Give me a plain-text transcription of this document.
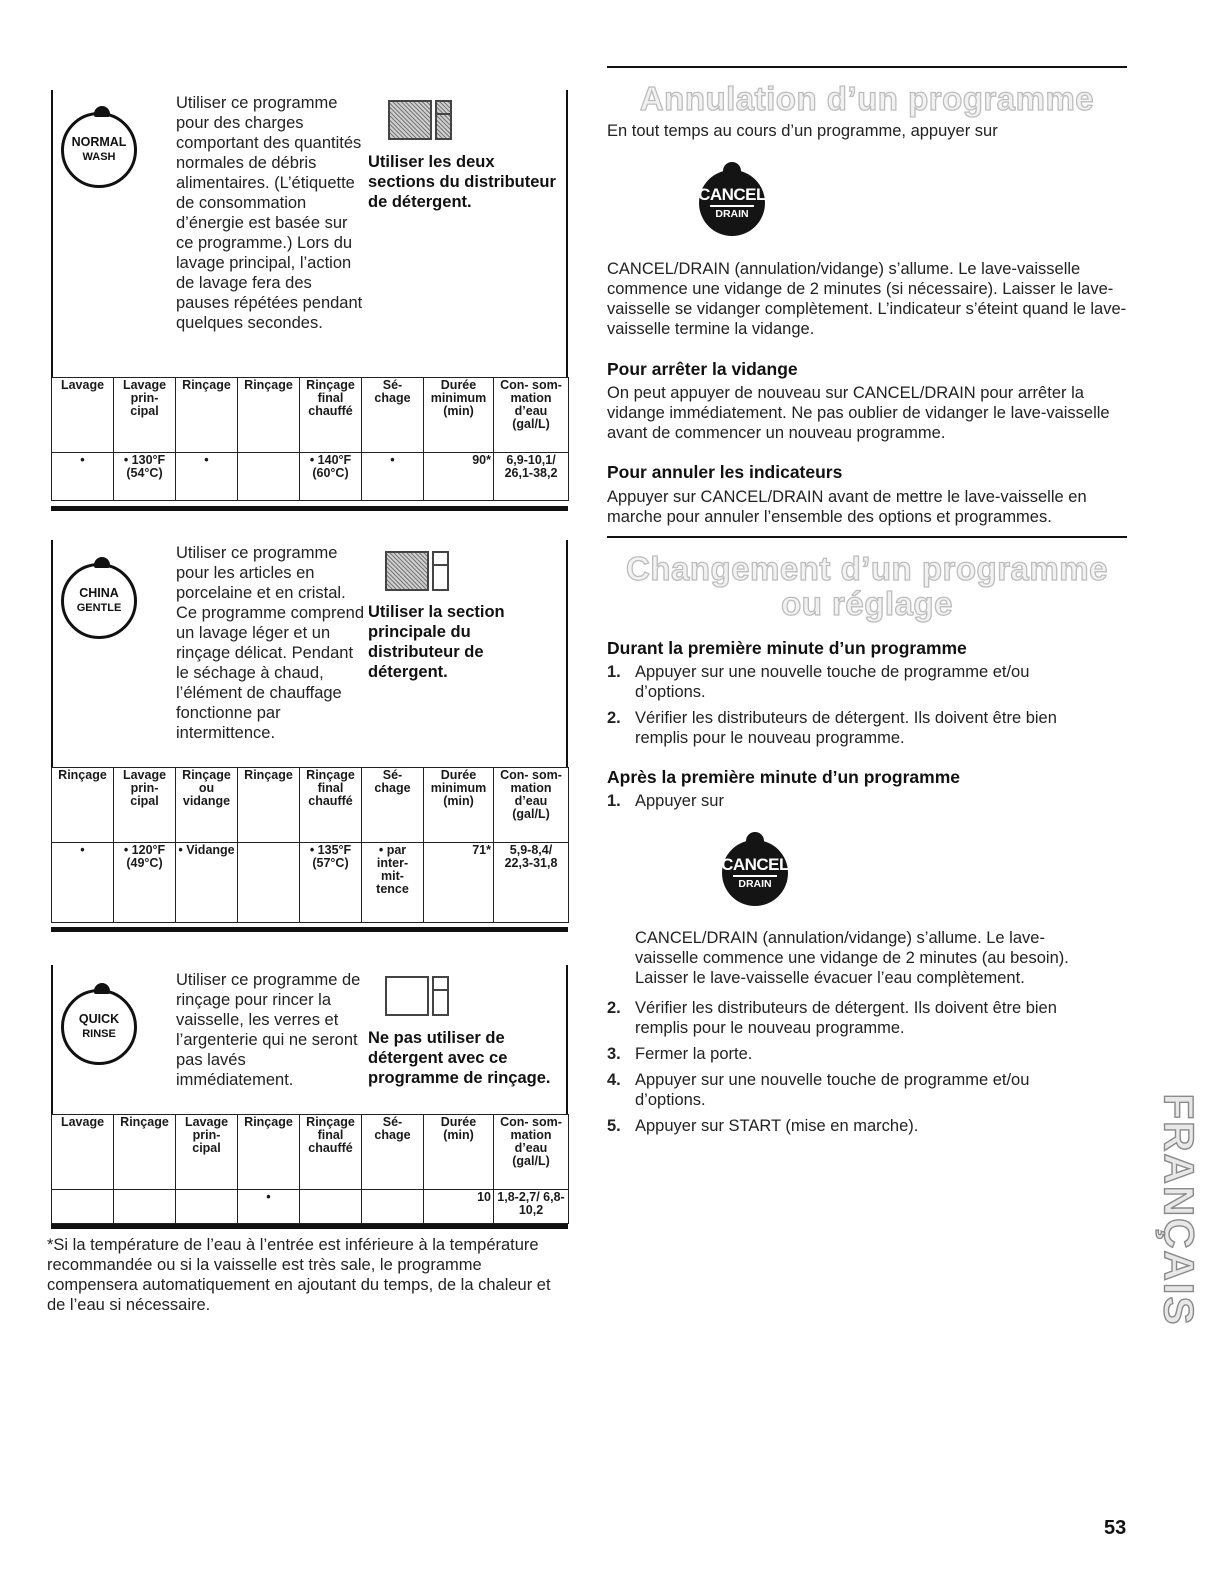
NORMAL
WASH
Utiliser ce programme pour des charges comportant des quantités normales de débris alimentaires. (L’étiquette de consommation d’énergie est basée sur ce programme.) Lors du lavage principal, l’action de lavage fera des pauses répétées pendant quelques secondes.
Utiliser les deux sections du distributeur de détergent.
Lavage	Lavage prin- cipal	Rinçage	Rinçage	Rinçage final chauffé	Sé- chage	Durée minimum (min)	Con- som- mation d’eau (gal/L)
•	• 130°F (54°C)	•		• 140°F (60°C)	•	90*	6,9-10,1/ 26,1-38,2
CHINA
GENTLE
Utiliser ce programme pour les articles en porcelaine et en cristal. Ce programme comprend un lavage léger et un rinçage délicat. Pendant le séchage à chaud, l’élément de chauffage fonctionne par intermittence.
Utiliser la section principale du distributeur de détergent.
Rinçage	Lavage prin- cipal	Rinçage ou vidange	Rinçage	Rinçage final chauffé	Sé- chage	Durée minimum (min)	Con- som- mation d’eau (gal/L)
•	• 120°F (49°C)	• Vidange		• 135°F (57°C)	• par inter- mit- tence	71*	5,9-8,4/ 22,3-31,8
QUICK
RINSE
Utiliser ce programme de rinçage pour rincer la vaisselle, les verres et l’argenterie qui ne seront pas lavés immédiatement.
Ne pas utiliser de détergent avec ce programme de rinçage.
Lavage	Rinçage	Lavage prin- cipal	Rinçage	Rinçage final chauffé	Sé- chage	Durée (min)	Con- som- mation d’eau (gal/L)
			•			10	1,8-2,7/ 6,8-10,2
*Si la température de l’eau à l’entrée est inférieure à la température recommandée ou si la vaisselle est très sale, le programme compensera automatiquement en ajoutant du temps, de la chaleur et de l’eau si nécessaire.
Annulation d’un programme
En tout temps au cours d’un programme, appuyer sur
CANCEL
DRAIN
CANCEL/DRAIN (annulation/vidange) s’allume. Le lave-vaisselle commence une vidange de 2 minutes (si nécessaire). Laisser le lave-vaisselle se vidanger complètement. L’indicateur s’éteint quand le lave-vaisselle termine la vidange.
Pour arrêter la vidange
On peut appuyer de nouveau sur CANCEL/DRAIN pour arrêter la vidange immédiatement. Ne pas oublier de vidanger le lave-vaisselle avant de commencer un nouveau programme.
Pour annuler les indicateurs
Appuyer sur CANCEL/DRAIN avant de mettre le lave-vaisselle en marche pour annuler l’ensemble des options et programmes.
Changement d’un programme
ou réglage
Durant la première minute d’un programme
1. Appuyer sur une nouvelle touche de programme et/ou d’options.
2. Vérifier les distributeurs de détergent. Ils doivent être bien remplis pour le nouveau programme.
Après la première minute d’un programme
1. Appuyer sur
CANCEL
DRAIN
CANCEL/DRAIN (annulation/vidange) s’allume. Le lave-vaisselle commence une vidange de 2 minutes (au besoin). Laisser le lave-vaisselle évacuer l’eau complètement.
2. Vérifier les distributeurs de détergent. Ils doivent être bien remplis pour le nouveau programme.
3. Fermer la porte.
4. Appuyer sur une nouvelle touche de programme et/ou d’options.
5. Appuyer sur START (mise en marche).	FRANÇAIS
53
